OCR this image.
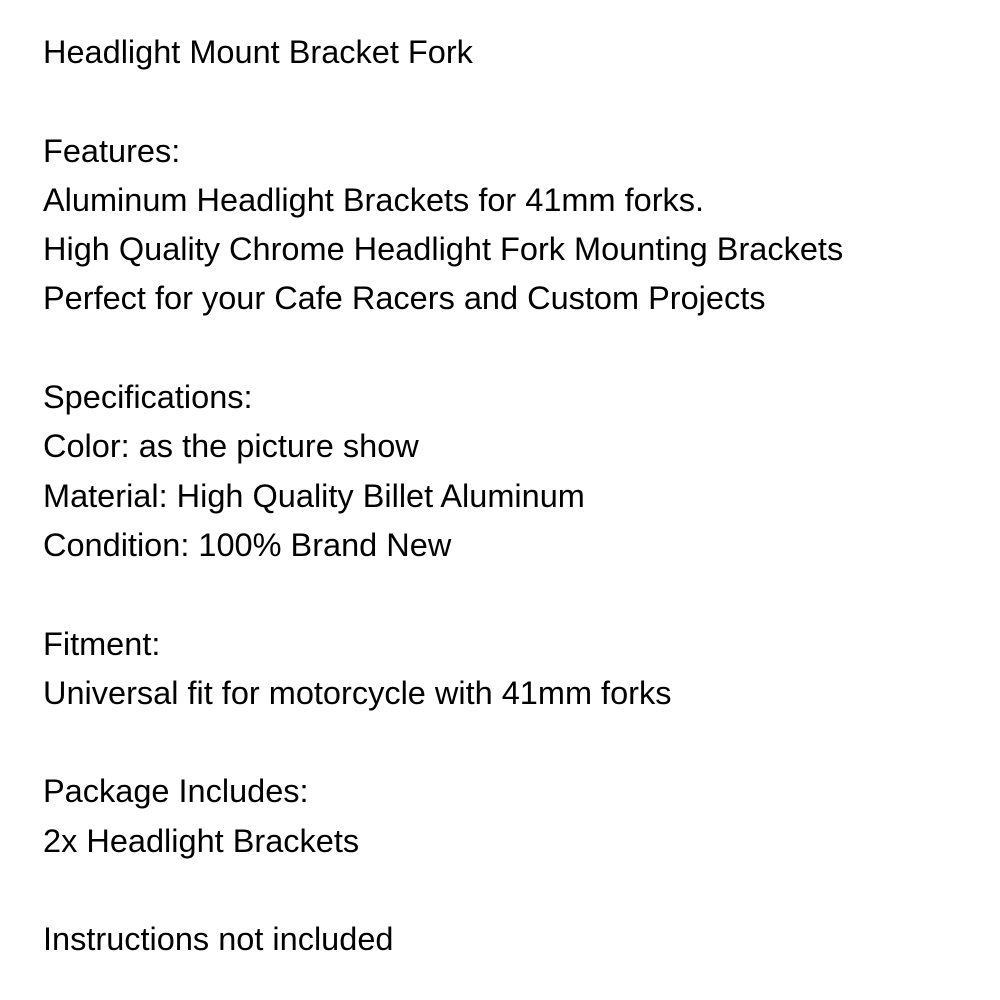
Headlight Mount Bracket Fork
Features:
Aluminum Headlight Brackets for 41mm forks.
High Quality Chrome Headlight Fork Mounting Brackets
Perfect for your Cafe Racers and Custom Projects
Specifications:
Color: as the picture show
Material: High Quality Billet Aluminum
Condition: 100% Brand New
Fitment:
Universal fit for motorcycle with 41mm forks
Package Includes:
2x Headlight Brackets
Instructions not included
